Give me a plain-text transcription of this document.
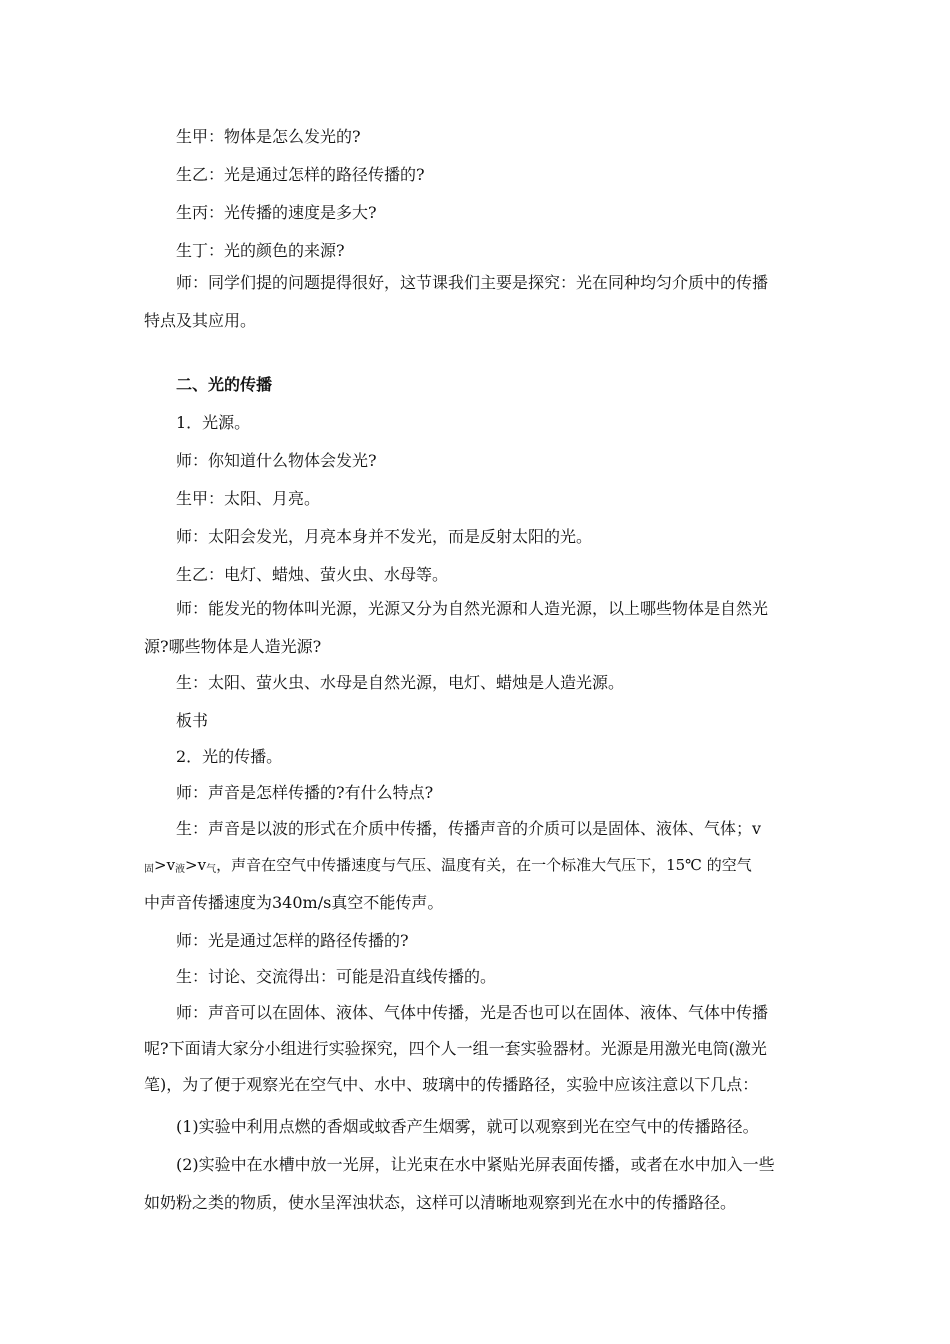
生甲：物体是怎么发光的?
生乙：光是通过怎样的路径传播的?
生丙：光传播的速度是多大?
生丁：光的颜色的来源?
师：同学们提的问题提得很好，这节课我们主要是探究：光在同种均匀介质中的传播
特点及其应用。
二、光的传播
1．光源。
师：你知道什么物体会发光?
生甲：太阳、月亮。
师：太阳会发光，月亮本身并不发光，而是反射太阳的光。
生乙：电灯、蜡烛、萤火虫、水母等。
师：能发光的物体叫光源，光源又分为自然光源和人造光源，以上哪些物体是自然光
源?哪些物体是人造光源?
生：太阳、萤火虫、水母是自然光源，电灯、蜡烛是人造光源。
板书
2．光的传播。
师：声音是怎样传播的?有什么特点?
生：声音是以波的形式在介质中传播，传播声音的介质可以是固体、液体、气体；v
固$>v_液>v_气$，声音在空气中传播速度与气压、温度有关，在一个标准大气压下，15℃ 的空气
中声音传播速度为340m/s真空不能传声。
师：光是通过怎样的路径传播的?
生：讨论、交流得出：可能是沿直线传播的。
师：声音可以在固体、液体、气体中传播，光是否也可以在固体、液体、气体中传播
呢?下面请大家分小组进行实验探究，四个人一组一套实验器材。光源是用激光电筒(激光
笔)，为了便于观察光在空气中、水中、玻璃中的传播路径，实验中应该注意以下几点：
(1)实验中利用点燃的香烟或蚊香产生烟雾，就可以观察到光在空气中的传播路径。
(2)实验中在水槽中放一光屏，让光束在水中紧贴光屏表面传播，或者在水中加入一些
如奶粉之类的物质，使水呈浑浊状态，这样可以清晰地观察到光在水中的传播路径。
